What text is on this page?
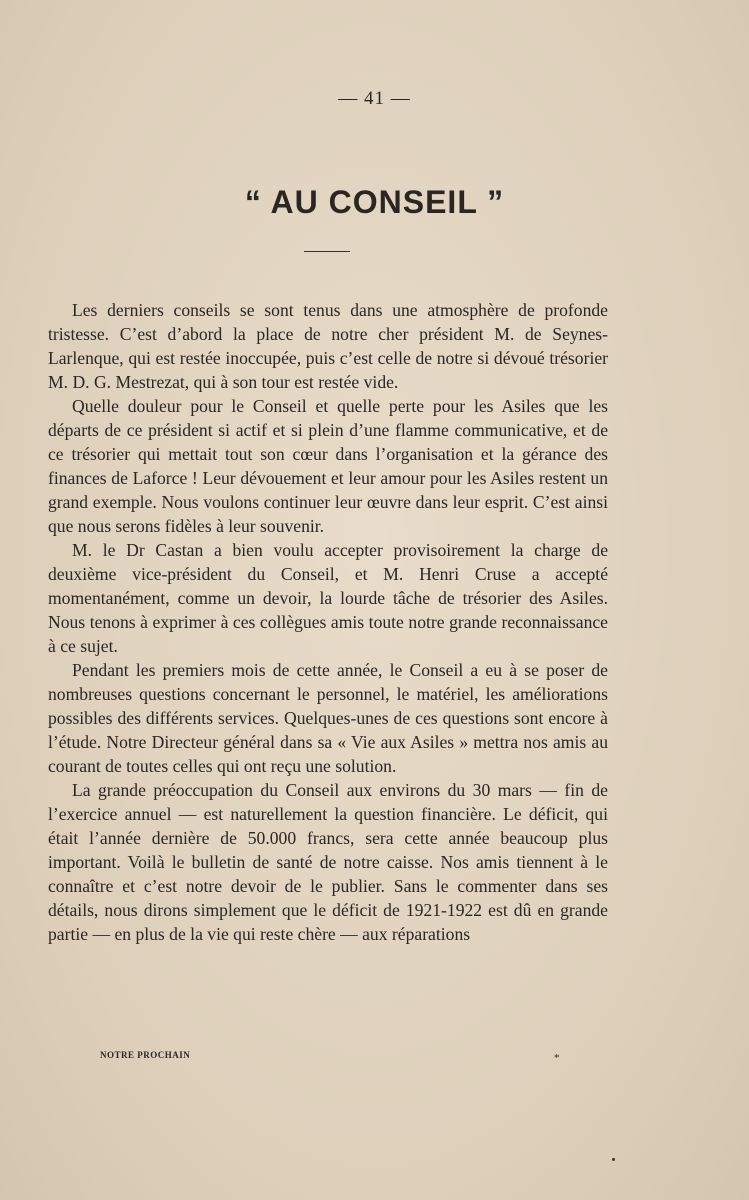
— 41 —
“ AU CONSEIL ”

Les derniers conseils se sont tenus dans une atmosphère de profonde tristesse. C’est d’abord la place de notre cher président M. de Seynes-Larlenque, qui est restée inoccupée, puis c’est celle de notre si dévoué trésorier M. D. G. Mestrezat, qui à son tour est restée vide.

Quelle douleur pour le Conseil et quelle perte pour les Asiles que les départs de ce président si actif et si plein d’une flamme communicative, et de ce trésorier qui mettait tout son cœur dans l’organisation et la gérance des finances de Laforce ! Leur dévouement et leur amour pour les Asiles restent un grand exemple. Nous voulons continuer leur œuvre dans leur esprit. C’est ainsi que nous serons fidèles à leur souvenir.

M. le Dr Castan a bien voulu accepter provisoirement la charge de deuxième vice-président du Conseil, et M. Henri Cruse a accepté momentanément, comme un devoir, la lourde tâche de trésorier des Asiles. Nous tenons à exprimer à ces collègues amis toute notre grande reconnaissance à ce sujet.

Pendant les premiers mois de cette année, le Conseil a eu à se poser de nombreuses questions concernant le personnel, le matériel, les améliorations possibles des différents services. Quelques-unes de ces questions sont encore à l’étude. Notre Directeur général dans sa « Vie aux Asiles » mettra nos amis au courant de toutes celles qui ont reçu une solution.

La grande préoccupation du Conseil aux environs du 30 mars — fin de l’exercice annuel — est naturellement la question financière. Le déficit, qui était l’année dernière de 50.000 francs, sera cette année beaucoup plus important. Voilà le bulletin de santé de notre caisse. Nos amis tiennent à le connaître et c’est notre devoir de le publier. Sans le commenter dans ses détails, nous dirons simplement que le déficit de 1921-1922 est dû en grande partie — en plus de la vie qui reste chère — aux réparations

NOTRE PROCHAIN	*
